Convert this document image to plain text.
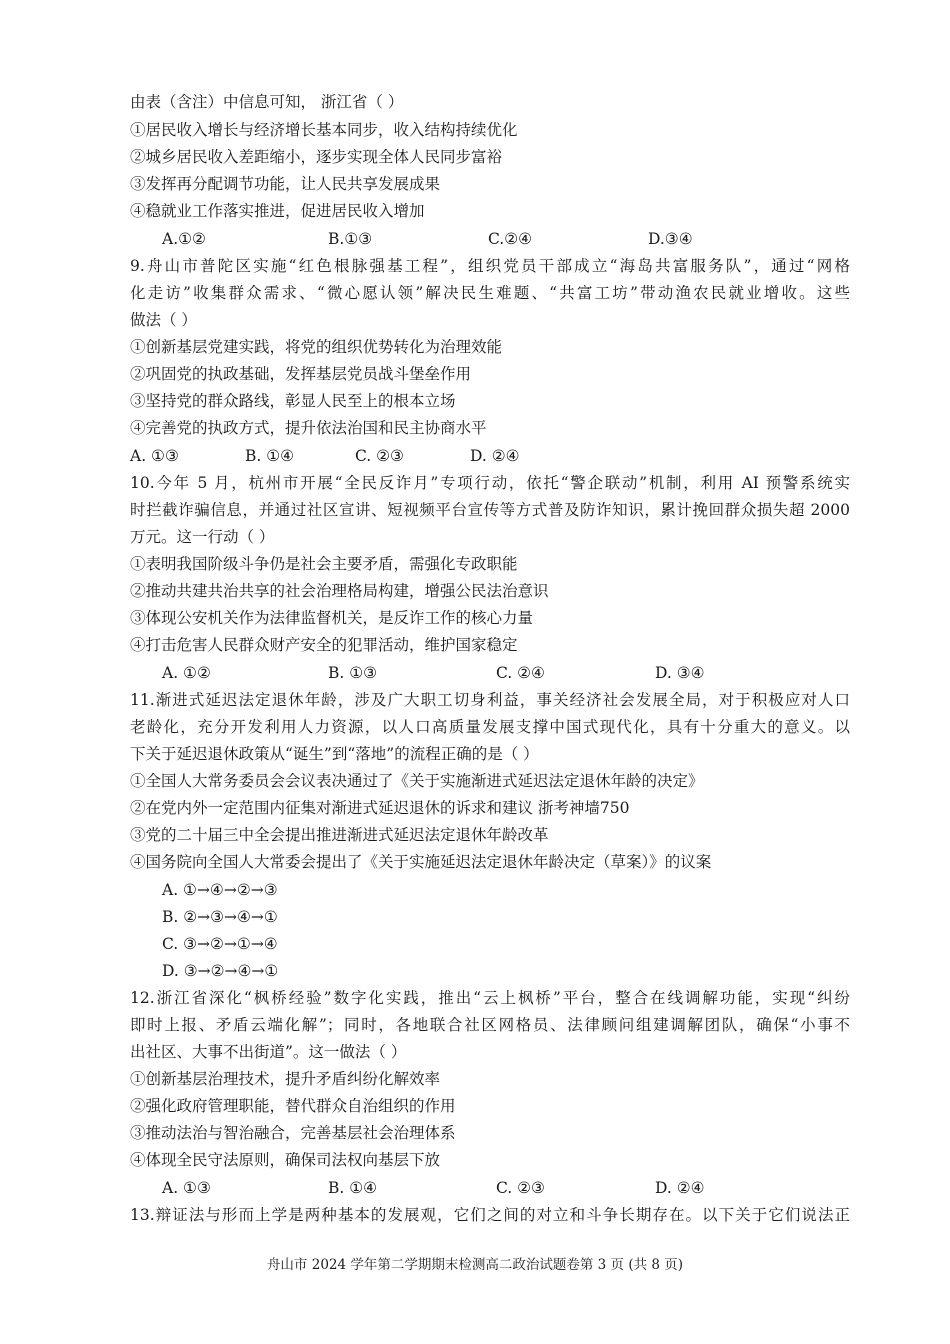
由表（含注）中信息可知， 浙江省（ ）
①居民收入增长与经济增长基本同步，收入结构持续优化
②城乡居民收入差距缩小，逐步实现全体人民同步富裕
③发挥再分配调节功能，让人民共享发展成果
④稳就业工作落实推进，促进居民收入增加
A.①②	B.①③	C.②④	D.③④
9.舟山市普陀区实施“红色根脉强基工程”，组织党员干部成立“海岛共富服务队”，通过“网格
化走访”收集群众需求、“微心愿认领”解决民生难题、“共富工坊”带动渔农民就业增收。这些
做法（ ）
①创新基层党建实践，将党的组织优势转化为治理效能
②巩固党的执政基础，发挥基层党员战斗堡垒作用
③坚持党的群众路线，彰显人民至上的根本立场
④完善党的执政方式，提升依法治国和民主协商水平
A. ①③	B. ①④	C. ②③	D. ②④
10.今年 5 月，杭州市开展“全民反诈月”专项行动，依托“警企联动”机制，利用 AI 预警系统实
时拦截诈骗信息，并通过社区宣讲、短视频平台宣传等方式普及防诈知识，累计挽回群众损失超 2000
万元。这一行动（ ）
①表明我国阶级斗争仍是社会主要矛盾，需强化专政职能
②推动共建共治共享的社会治理格局构建，增强公民法治意识
③体现公安机关作为法律监督机关，是反诈工作的核心力量
④打击危害人民群众财产安全的犯罪活动，维护国家稳定
A. ①②	B. ①③	C. ②④	D. ③④
11.渐进式延迟法定退休年龄，涉及广大职工切身利益，事关经济社会发展全局，对于积极应对人口
老龄化，充分开发利用人力资源，以人口高质量发展支撑中国式现代化，具有十分重大的意义。以
下关于延迟退休政策从“诞生”到“落地”的流程正确的是（ ）
①全国人大常务委员会会议表决通过了《关于实施渐进式延迟法定退休年龄的决定》
②在党内外一定范围内征集对渐进式延迟退休的诉求和建议 浙考神墙750
③党的二十届三中全会提出推进渐进式延迟法定退休年龄改革
④国务院向全国人大常委会提出了《关于实施延迟法定退休年龄决定（草案）》的议案
A. ①→④→②→③
B. ②→③→④→①
C. ③→②→①→④
D. ③→②→④→①
12.浙江省深化“枫桥经验”数字化实践，推出“云上枫桥”平台，整合在线调解功能，实现“纠纷
即时上报、矛盾云端化解”；同时，各地联合社区网格员、法律顾问组建调解团队，确保“小事不
出社区、大事不出街道”。这一做法（ ）
①创新基层治理技术，提升矛盾纠纷化解效率
②强化政府管理职能，替代群众自治组织的作用
③推动法治与智治融合，完善基层社会治理体系
④体现全民守法原则，确保司法权向基层下放
A. ①③	B. ①④	C. ②③	D. ②④
13.辩证法与形而上学是两种基本的发展观，它们之间的对立和斗争长期存在。以下关于它们说法正
舟山市 2024 学年第二学期期末检测高二政治试题卷第 3 页 (共 8 页)
